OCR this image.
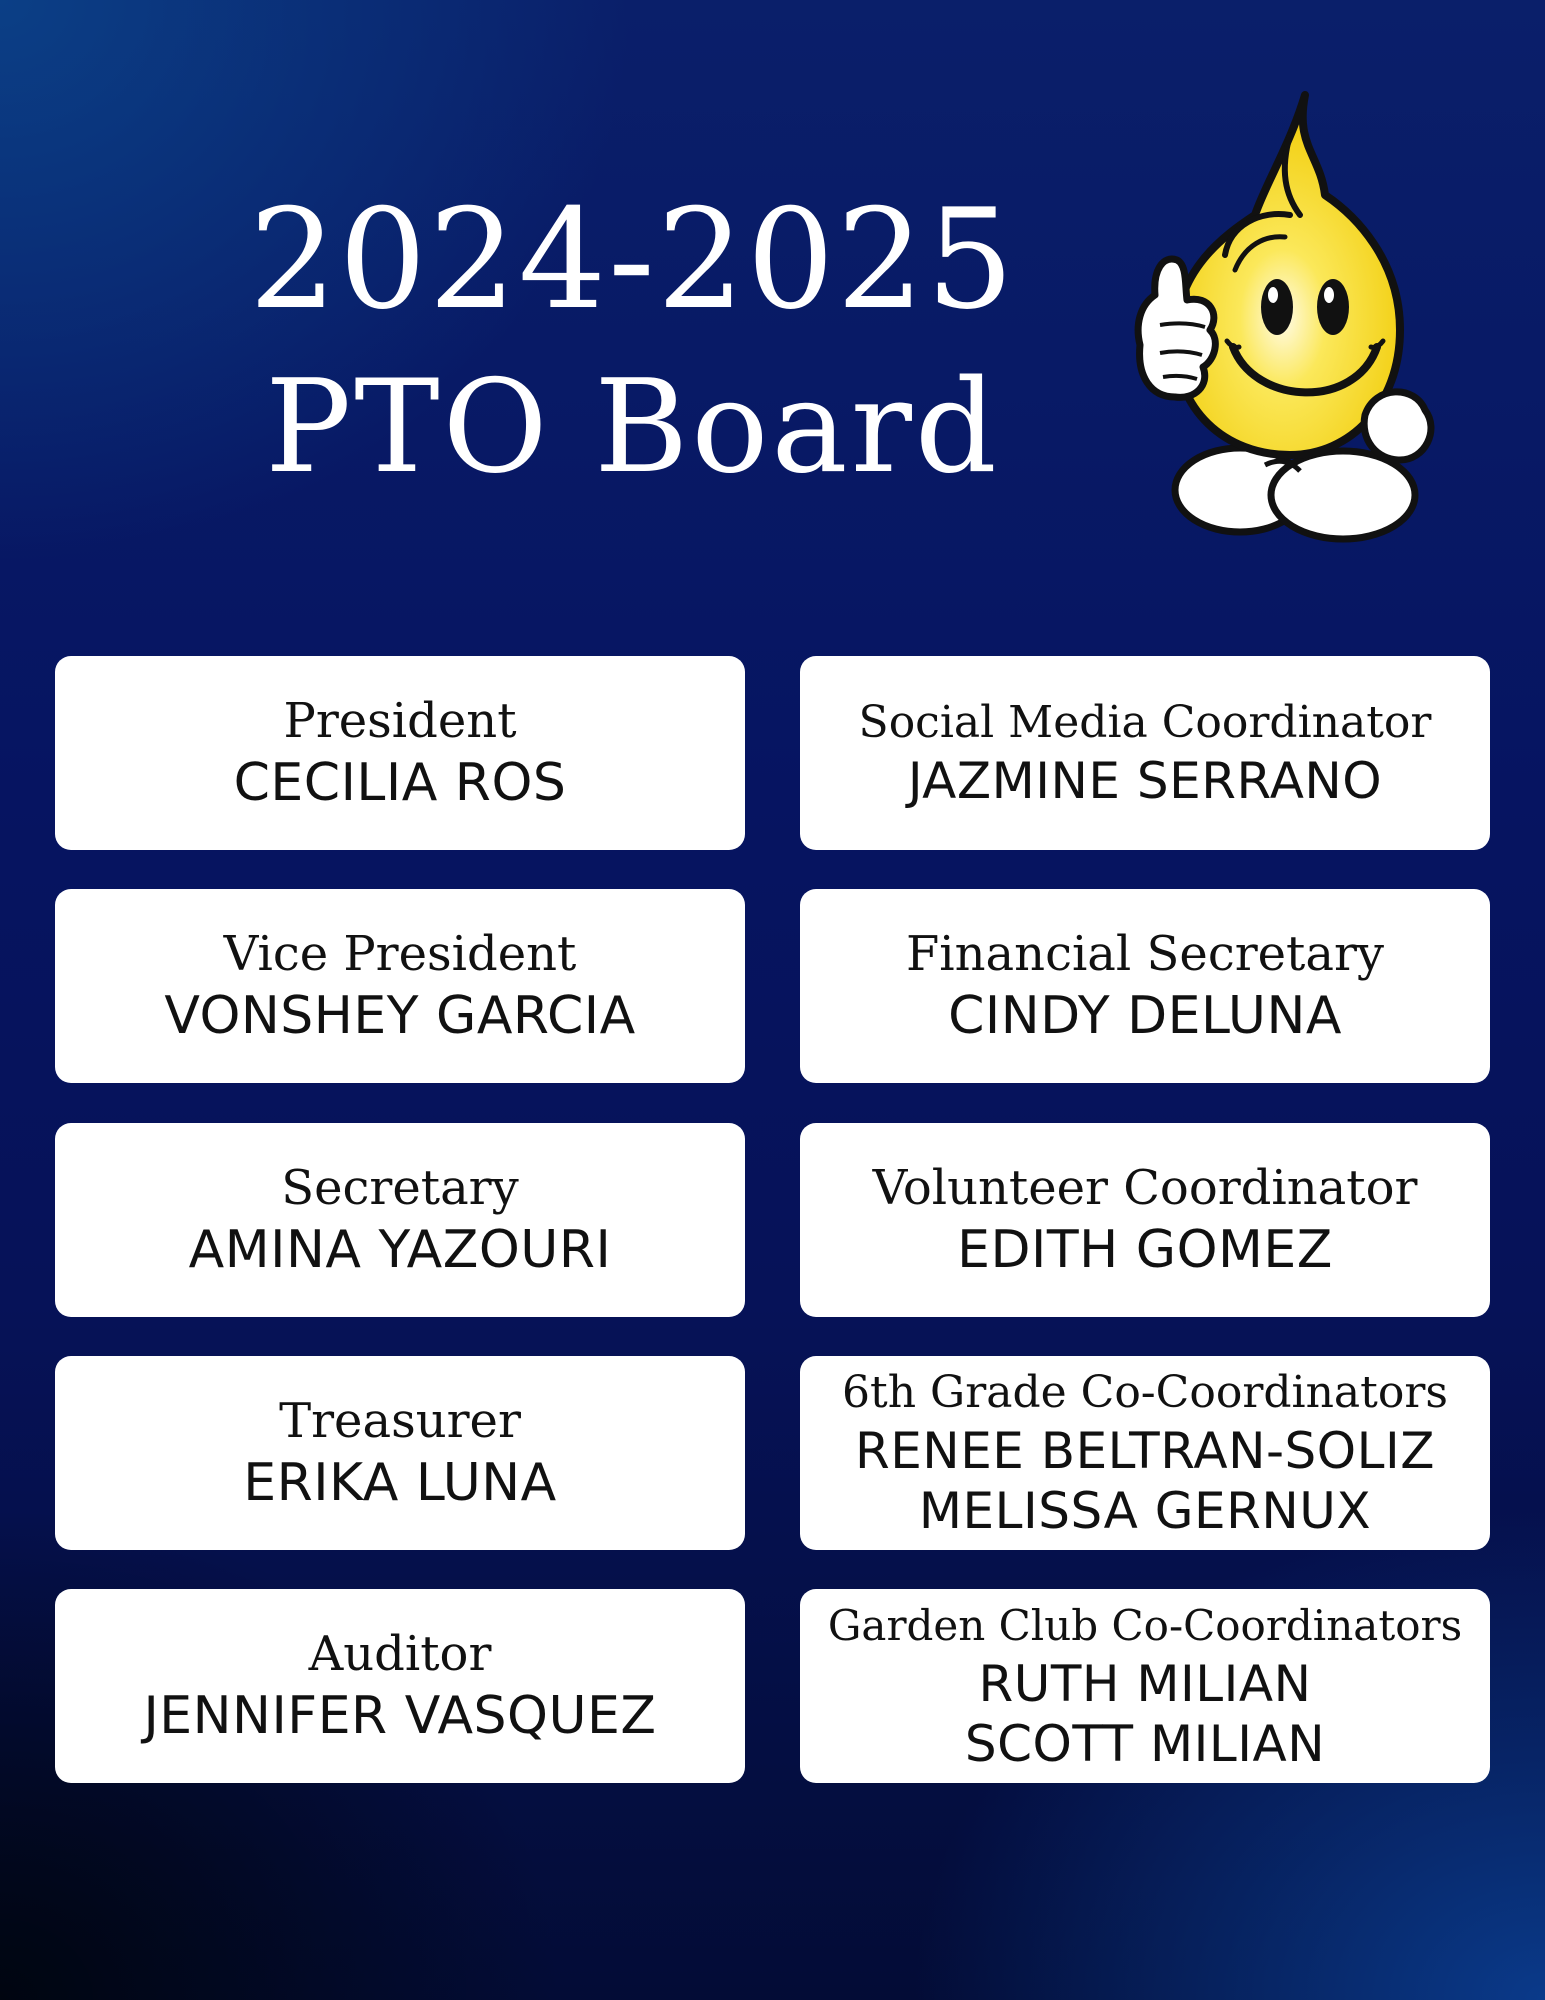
2024-2025
PTO Board
President
CECILIA ROS
Vice President
VONSHEY GARCIA
Secretary
AMINA YAZOURI
Treasurer
ERIKA LUNA
Auditor
JENNIFER VASQUEZ
Social Media Coordinator
JAZMINE SERRANO
Financial Secretary
CINDY DELUNA
Volunteer Coordinator
EDITH GOMEZ
6th Grade Co-Coordinators
RENEE BELTRAN-SOLIZ
MELISSA GERNUX
Garden Club Co-Coordinators
RUTH MILIAN
SCOTT MILIAN
